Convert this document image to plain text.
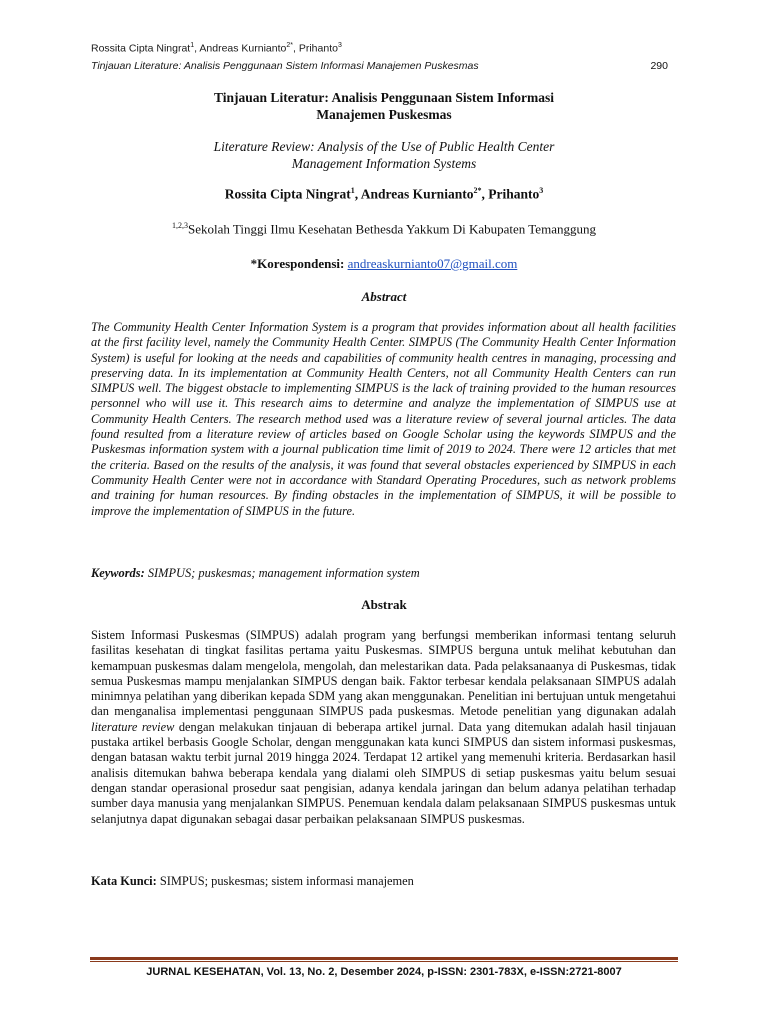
Rossita Cipta Ningrat$^1$, Andreas Kurnianto$^{2*}$, Prihanto$^3$
Tinjauan Literature: Analisis Penggunaan Sistem Informasi Manajemen Puskesmas	290
Tinjauan Literatur: Analisis Penggunaan Sistem Informasi
Manajemen Puskesmas
Literature Review: Analysis of the Use of Public Health Center
Management Information Systems
Rossita Cipta Ningrat$^1$, Andreas Kurnianto$^{2*}$, Prihanto$^3$
$^{1,2,3}$Sekolah Tinggi Ilmu Kesehatan Bethesda Yakkum Di Kabupaten Temanggung
*Korespondensi: andreaskurnianto07@gmail.com
Abstract
The Community Health Center Information System is a program that provides information about all health facilities at the first facility level, namely the Community Health Center. SIMPUS (The Community Health Center Information System) is useful for looking at the needs and capabilities of community health centres in managing, processing and preserving data. In its implementation at Community Health Centers, not all Community Health Centers can run SIMPUS well. The biggest obstacle to implementing SIMPUS is the lack of training provided to the human resources personnel who will use it. This research aims to determine and analyze the implementation of SIMPUS use at Community Health Centers. The research method used was a literature review of several journal articles. The data found resulted from a literature review of articles based on Google Scholar using the keywords SIMPUS and the Puskesmas information system with a journal publication time limit of 2019 to 2024. There were 12 articles that met the criteria. Based on the results of the analysis, it was found that several obstacles experienced by SIMPUS in each Community Health Center were not in accordance with Standard Operating Procedures, such as network problems and training for human resources. By finding obstacles in the implementation of SIMPUS, it will be possible to improve the implementation of SIMPUS in the future.
Keywords: SIMPUS; puskesmas; management information system
Abstrak
Sistem Informasi Puskesmas (SIMPUS) adalah program yang berfungsi memberikan informasi tentang seluruh fasilitas kesehatan di tingkat fasilitas pertama yaitu Puskesmas. SIMPUS berguna untuk melihat kebutuhan dan kemampuan puskesmas dalam mengelola, mengolah, dan melestarikan data. Pada pelaksanaanya di Puskesmas, tidak semua Puskesmas mampu menjalankan SIMPUS dengan baik. Faktor terbesar kendala pelaksanaan SIMPUS adalah minimnya pelatihan yang diberikan kepada SDM yang akan menggunakan. Penelitian ini bertujuan untuk mengetahui dan menganalisa implementasi penggunaan SIMPUS pada puskesmas. Metode penelitian yang digunakan adalah literature review dengan melakukan tinjauan di beberapa artikel jurnal. Data yang ditemukan adalah hasil tinjauan pustaka artikel berbasis Google Scholar, dengan menggunakan kata kunci SIMPUS dan sistem informasi puskesmas, dengan batasan waktu terbit jurnal 2019 hingga 2024. Terdapat 12 artikel yang memenuhi kriteria. Berdasarkan hasil analisis ditemukan bahwa beberapa kendala yang dialami oleh SIMPUS di setiap puskesmas yaitu belum sesuai dengan standar operasional prosedur saat pengisian, adanya kendala jaringan dan belum adanya pelatihan terhadap sumber daya manusia yang menjalankan SIMPUS. Penemuan kendala dalam pelaksanaan SIMPUS puskesmas untuk selanjutnya dapat digunakan sebagai dasar perbaikan pelaksanaan SIMPUS puskesmas.
Kata Kunci: SIMPUS; puskesmas; sistem informasi manajemen
JURNAL KESEHATAN, Vol. 13, No. 2, Desember 2024, p-ISSN: 2301-783X, e-ISSN:2721-8007
